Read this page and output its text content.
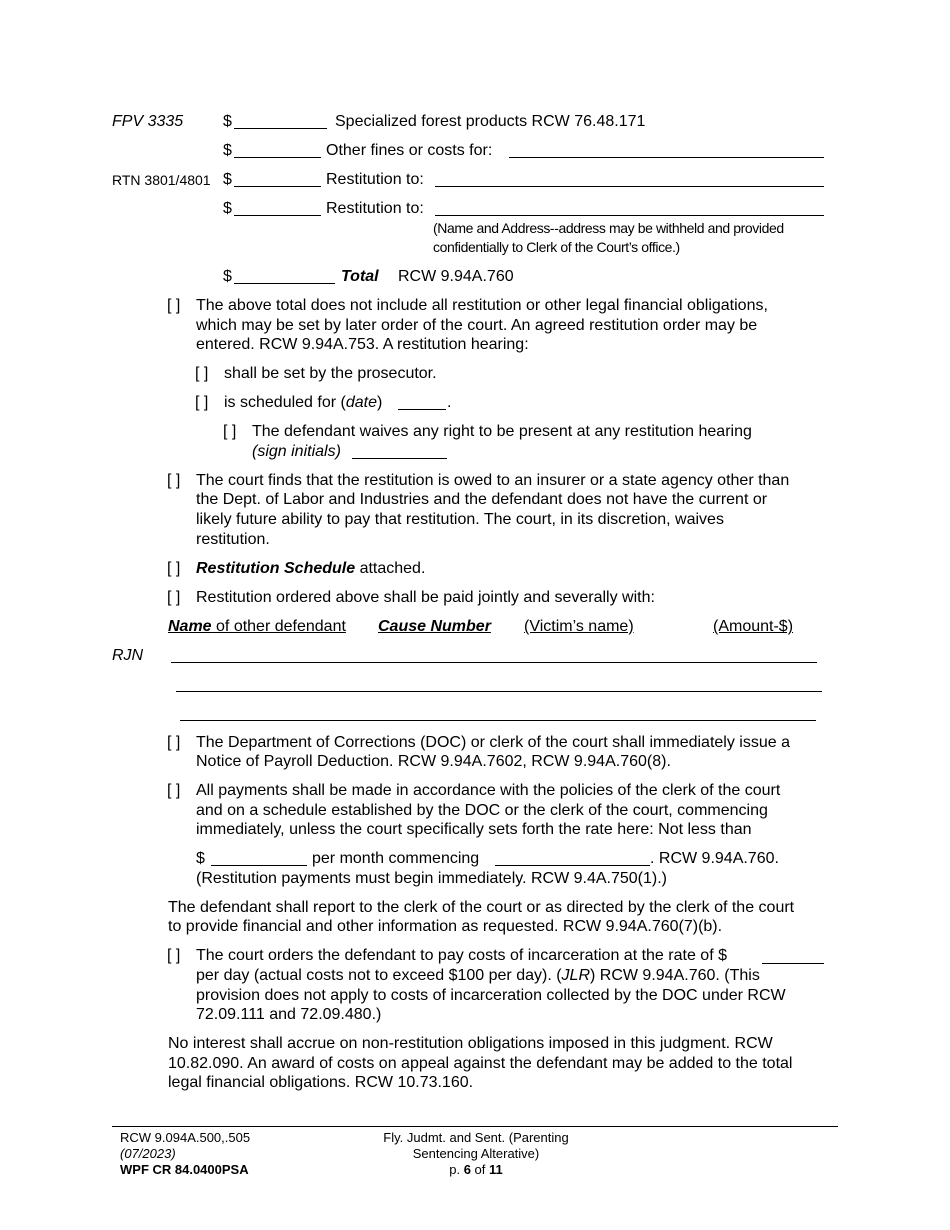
FPV 3335 $	Specialized forest products RCW 76.48.171
$	Other fines or costs for:
RTN 3801/4801 $	Restitution to:
$	Restitution to:
(Name and Address--address may be withheld and provided
confidentially to Clerk of the Court’s office.)
$	Total RCW 9.94A.760
[ ] The above total does not include all restitution or other legal financial obligations,
which may be set by later order of the court. An agreed restitution order may be
entered. RCW 9.94A.753. A restitution hearing:
[ ] shall be set by the prosecutor.
[ ] is scheduled for (date)	.
[ ] The defendant waives any right to be present at any restitution hearing
(sign initials)
[ ] The court finds that the restitution is owed to an insurer or a state agency other than
the Dept. of Labor and Industries and the defendant does not have the current or
likely future ability to pay that restitution. The court, in its discretion, waives
restitution.
[ ] Restitution Schedule attached.
[ ] Restitution ordered above shall be paid jointly and severally with:
Name of other defendant Cause Number (Victim’s name)	(Amount-$)
RJN
[ ] The Department of Corrections (DOC) or clerk of the court shall immediately issue a
Notice of Payroll Deduction. RCW 9.94A.7602, RCW 9.94A.760(8).
[ ] All payments shall be made in accordance with the policies of the clerk of the court
and on a schedule established by the DOC or the clerk of the court, commencing
immediately, unless the court specifically sets forth the rate here: Not less than
$	per month commencing	. RCW 9.94A.760.
(Restitution payments must begin immediately. RCW 9.4A.750(1).)
The defendant shall report to the clerk of the court or as directed by the clerk of the court
to provide financial and other information as requested. RCW 9.94A.760(7)(b).
[ ] The court orders the defendant to pay costs of incarceration at the rate of $
per day (actual costs not to exceed $100 per day). (JLR) RCW 9.94A.760. (This
provision does not apply to costs of incarceration collected by the DOC under RCW
72.09.111 and 72.09.480.)
No interest shall accrue on non-restitution obligations imposed in this judgment. RCW
10.82.090. An award of costs on appeal against the defendant may be added to the total
legal financial obligations. RCW 10.73.160.
RCW 9.094A.500,.505
(07/2023)
WPF CR 84.0400PSA
Fly. Judmt. and Sent. (Parenting
Sentencing Alterative)
p. 6 of 11
